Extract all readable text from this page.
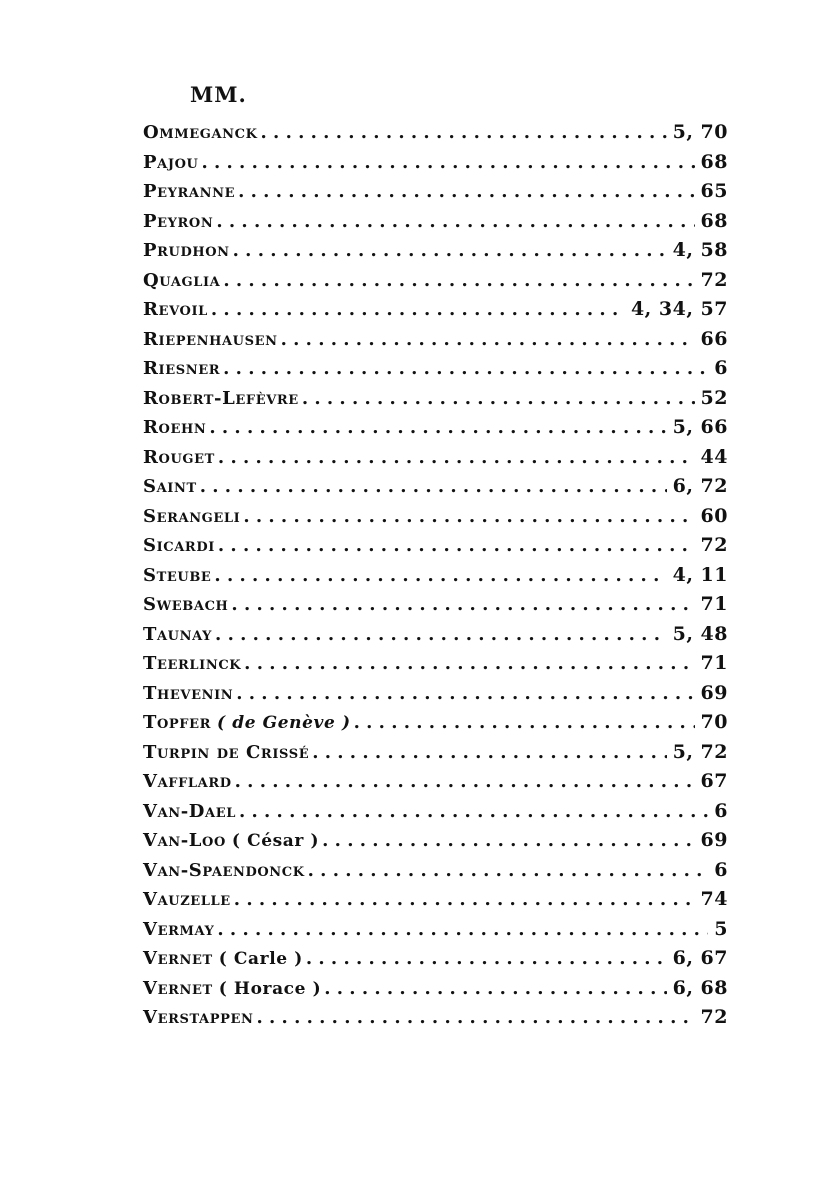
MM.
Ommeganck . . .	5, 70
Pajou . . .	68
Peyranne . . .	65
Peyron . . .	68
Prudhon . . .	4, 58
Quaglia . . .	72
Revoil . . .	4, 34, 57
Riepenhausen . . .	66
Riesner . . .	6
Robert-Lefèvre . . .	52
Roehn . . .	5, 66
Rouget . . .	44
Saint . . .	6, 72
Serangeli . . .	60
Sicardi . . .	72
Steube . . .	4, 11
Swebach . . .	71
Taunay . . .	5, 48
Teerlinck . . .	71
Thevenin . . .	69
Topfer ( de Genève ) . . .	70
Turpin de Crissé . . .	5, 72
Vafflard . . .	67
Van-Dael . . .	6
Van-Loo ( César ) . . .	69
Van-Spaendonck . . .	6
Vauzelle . . .	74
Vermay . . .	5
Vernet ( Carle ) . . .	6, 67
Vernet ( Horace ) . . .	6, 68
Verstappen . . .	72
